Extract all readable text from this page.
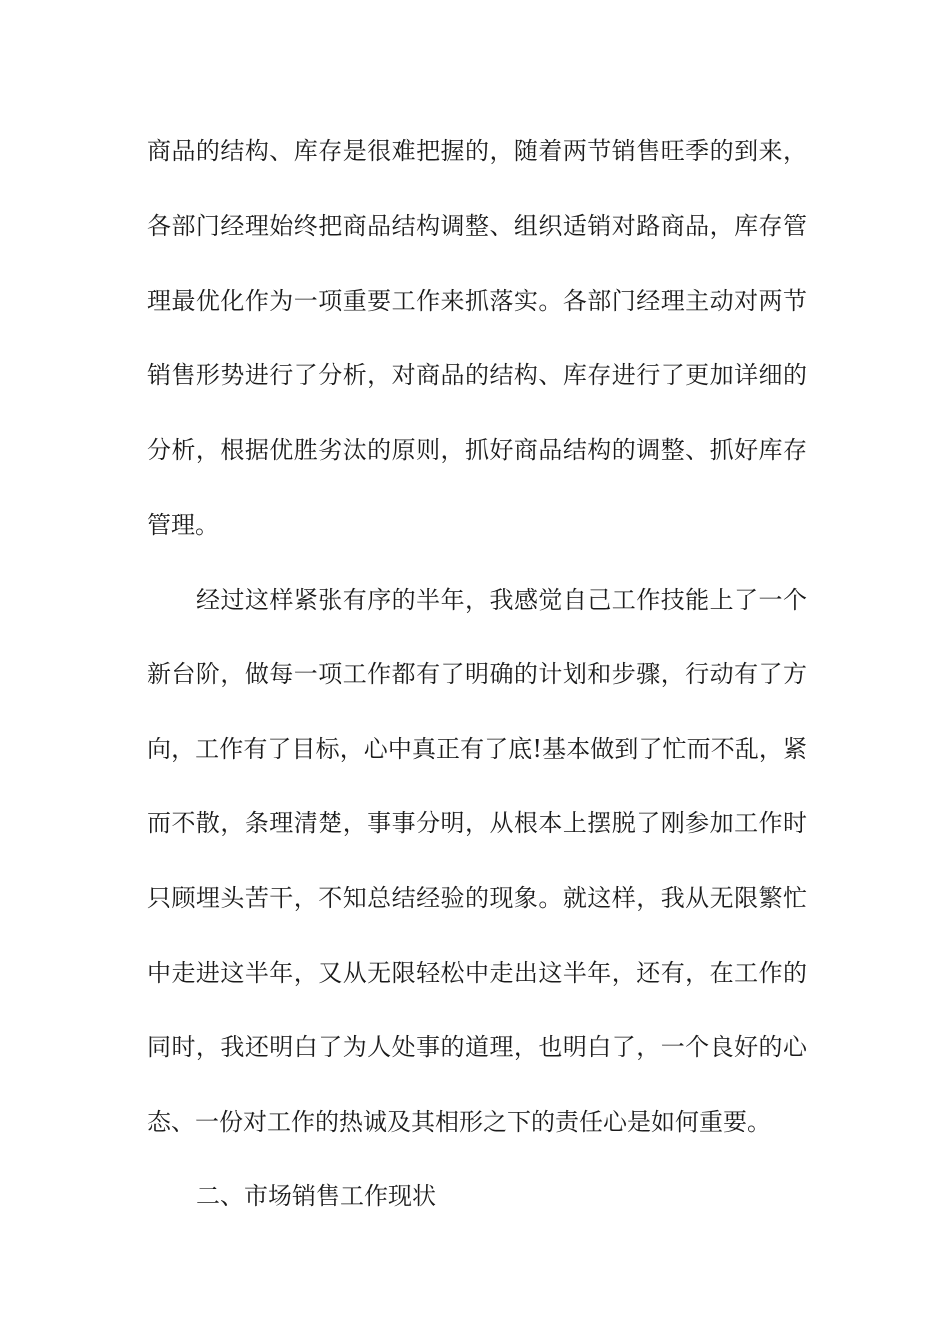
商品的结构、库存是很难把握的，随着两节销售旺季的到来，
各部门经理始终把商品结构调整、组织适销对路商品，库存管
理最优化作为一项重要工作来抓落实。各部门经理主动对两节
销售形势进行了分析，对商品的结构、库存进行了更加详细的
分析，根据优胜劣汰的原则，抓好商品结构的调整、抓好库存
管理。
经过这样紧张有序的半年，我感觉自己工作技能上了一个
新台阶，做每一项工作都有了明确的计划和步骤，行动有了方
向，工作有了目标，心中真正有了底!基本做到了忙而不乱，紧
而不散，条理清楚，事事分明，从根本上摆脱了刚参加工作时
只顾埋头苦干，不知总结经验的现象。就这样，我从无限繁忙
中走进这半年，又从无限轻松中走出这半年，还有，在工作的
同时，我还明白了为人处事的道理，也明白了，一个良好的心
态、一份对工作的热诚及其相形之下的责任心是如何重要。
二、市场销售工作现状
